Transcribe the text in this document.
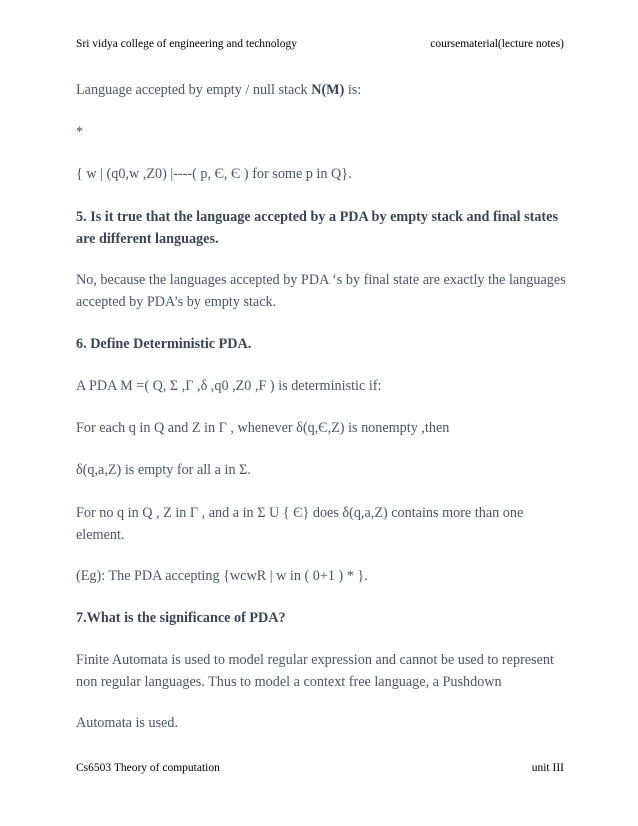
Sri vidya college of engineering and technology	coursematerial(lecture notes)

Language accepted by empty / null stack N(M) is:

*

{ w | (q0,w ,Z0) |----( p, Є, Є ) for some p in Q}.

5. Is it true that the language accepted by a PDA by empty stack and final states

are different languages.

No, because the languages accepted by PDA ‘s by final state are exactly the languages

accepted by PDA’s by empty stack.

6. Define Deterministic PDA.

A PDA M =( Q, Σ ,Γ ,δ ,q0 ,Z0 ,F ) is deterministic if:

For each q in Q and Z in Γ , whenever δ(q,Є,Z) is nonempty ,then

δ(q,a,Z) is empty for all a in Σ.

For no q in Q , Z in Γ , and a in Σ U { Є} does δ(q,a,Z) contains more than one

element.

(Eg): The PDA accepting {wcwR | w in ( 0+1 ) * }.

7.What is the significance of PDA?

Finite Automata is used to model regular expression and cannot be used to represent

non regular languages. Thus to model a context free language, a Pushdown

Automata is used.

Cs6503 Theory of computation	unit III
